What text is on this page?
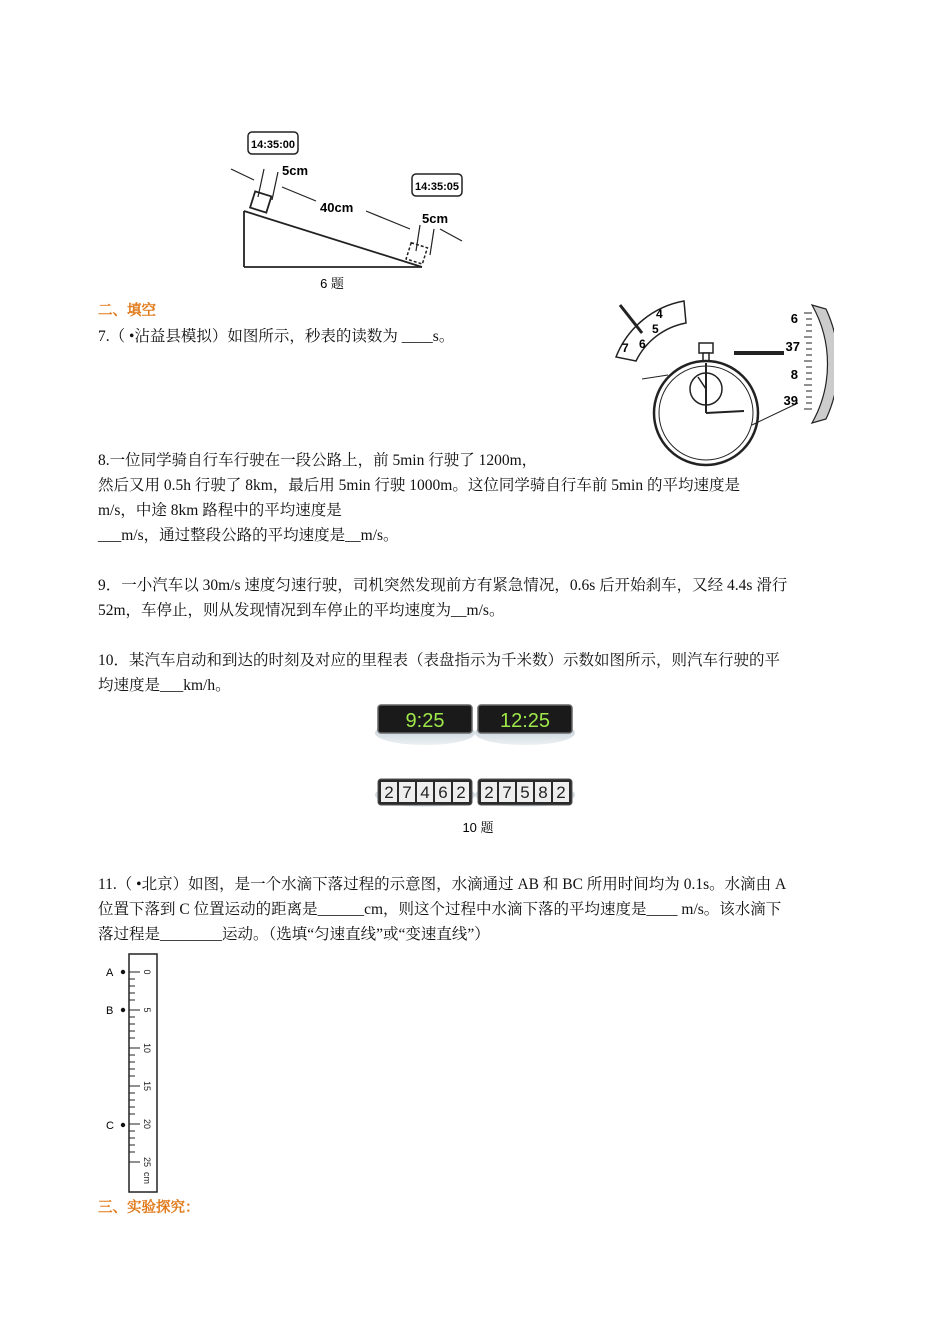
14:35:00
14:35:05
5cm
40cm
5cm
6 题
二、填空
7.（ •沾益县模拟）如图所示，秒表的读数为 ____s。
4
5
6
7
6
37
8
39
8.一位同学骑自行车行驶在一段公路上，前 5min 行驶了 1200m，
然后又用 0.5h 行驶了 8km，最后用 5min 行驶 1000m。这位同学骑自行车前 5min 的平均速度是
m/s，中途 8km 路程中的平均速度是
___m/s，通过整段公路的平均速度是__m/s。
9．一小汽车以 30m/s 速度匀速行驶，司机突然发现前方有紧急情况，0.6s 后开始刹车，又经 4.4s 滑行
52m，车停止，则从发现情况到车停止的平均速度为__m/s。
10．某汽车启动和到达的时刻及对应的里程表（表盘指示为千米数）示数如图所示，则汽车行驶的平
均速度是___km/h。
9:25	12:25
2 7 4 6 2 2 7 5 8 2
10 题
11.（ •北京）如图，是一个水滴下落过程的示意图，水滴通过 AB 和 BC 所用时间均为 0.1s。水滴由 A
位置下落到 C 位置运动的距离是______cm，则这个过程中水滴下落的平均速度是____ m/s。该水滴下
落过程是________运动。（选填“匀速直线”或“变速直线”）
0
5
10
15
20
25
cm
A
B
C
三、实验探究：
